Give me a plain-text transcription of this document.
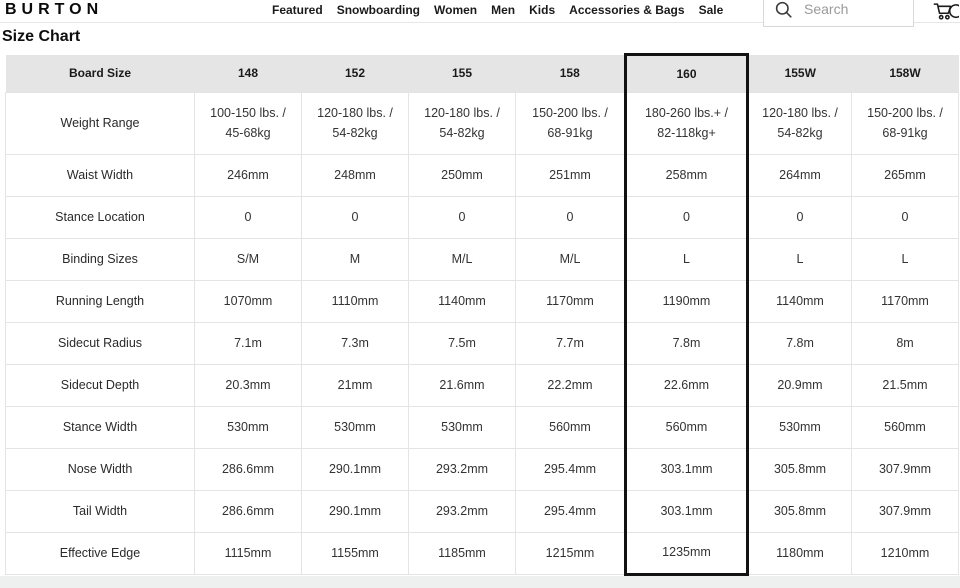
BURTON	Featured Snowboarding Women Men Kids Accessories & Bags Sale
Search
Size Chart
Board Size	148	152	155	158	160	155W	158W
Weight Range	100-150 lbs. / 45-68kg	120-180 lbs. / 54-82kg	120-180 lbs. / 54-82kg	150-200 lbs. / 68-91kg	180-260 lbs.+ / 82-118kg+	120-180 lbs. / 54-82kg	150-200 lbs. / 68-91kg
Waist Width	246mm	248mm	250mm	251mm	258mm	264mm	265mm
Stance Location	0	0	0	0	0	0	0
Binding Sizes	S/M	M	M/L	M/L	L	L	L
Running Length	1070mm	1110mm	1140mm	1170mm	1190mm	1140mm	1170mm
Sidecut Radius	7.1m	7.3m	7.5m	7.7m	7.8m	7.8m	8m
Sidecut Depth	20.3mm	21mm	21.6mm	22.2mm	22.6mm	20.9mm	21.5mm
Stance Width	530mm	530mm	530mm	560mm	560mm	530mm	560mm
Nose Width	286.6mm	290.1mm	293.2mm	295.4mm	303.1mm	305.8mm	307.9mm
Tail Width	286.6mm	290.1mm	293.2mm	295.4mm	303.1mm	305.8mm	307.9mm
Effective Edge	1115mm	1155mm	1185mm	1215mm	1235mm	1180mm	1210mm
